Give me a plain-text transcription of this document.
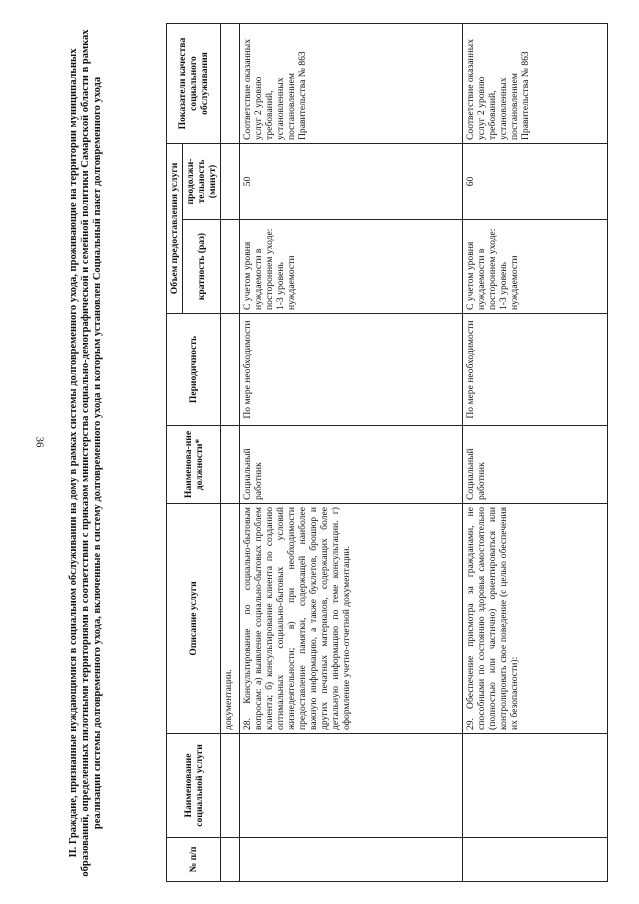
36 II. Граждане, признанные нуждающимися в социальном обслуживании на дому в рамках системы долговременного ухода, проживающие на территории муниципальных образований, определенных пилотными территориями в соответствии с приказом министерства социально-демографической и семейной политики Самарской области в рамках реализации системы долговременного ухода, включенные в систему долговременного ухода и которым установлен Социальный пакет долговременного ухода

№ п/п	Наименование социальной услуги	Описание услуги	Наименова-ние должности*	Периодичность	Объем предоставления услуги		Показатели качества социального обслуживания
					кратность (раз)	продолжи-тельность (минут)	
		документации.					
		28. Консультирование по социально-бытовым вопросам: а) выявление социально-бытовых проблем клиента; б) консультирование клиента по созданию оптимальных социально-бытовых условий жизнедеятельности; в) при необходимости предоставление памятки, содержащей наиболее важную информацию, а также буклетов, брошюр и других печатных материалов, содержащих более детальную информацию по теме консультации. г) оформление учетно-отчетной документации.	Социальный работник	По мере необходимости	С учетом уровня нуждаемости в постороннем уходе: 1-3 уровень нуждаемости	50	Соответствие оказанных услуг 2 уровню требований, установленных постановлением Правительства № 863
		29. Обеспечение присмотра за гражданами, не способными по состоянию здоровья самостоятельно (полностью или частично) ориентироваться или контролировать свое поведение (с целью обеспечения их безопасности):	Социальный работник	По мере необходимости	С учетом уровня нуждаемости в постороннем уходе: 1-3 уровень нуждаемости	60	Соответствие оказанных услуг 2 уровню требований, установленных постановлением Правительства № 863
